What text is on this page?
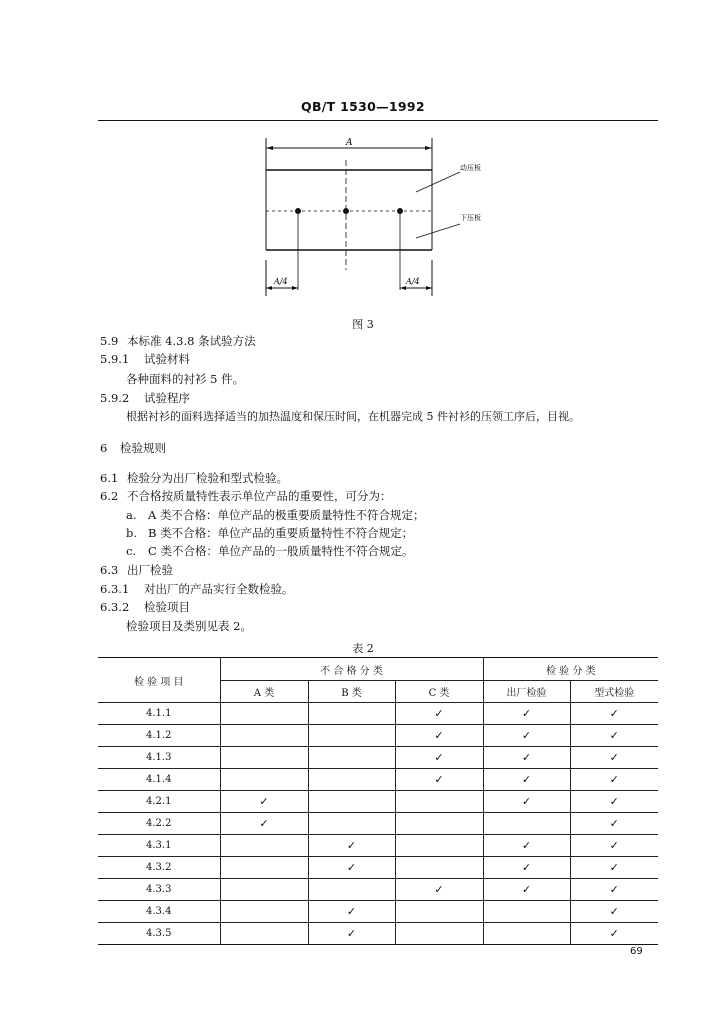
QB/T 1530—1992
A
动压板
下压板
A/4	A/4
图 3
5.9 本标准 4.3.8 条试验方法
5.9.1 试验材料
各种面料的衬衫 5 件。
5.9.2 试验程序
根据衬衫的面料选择适当的加热温度和保压时间，在机器完成 5 件衬衫的压领工序后，目视。
6 检验规则
6.1 检验分为出厂检验和型式检验。
6.2 不合格按质量特性表示单位产品的重要性，可分为：
a. A 类不合格：单位产品的极重要质量特性不符合规定；
b. B 类不合格：单位产品的重要质量特性不符合规定；
c. C 类不合格：单位产品的一般质量特性不符合规定。
6.3 出厂检验
6.3.1 对出厂的产品实行全数检验。
6.3.2 检验项目
检验项目及类别见表 2。
表 2
检 验 项 目	不 合 格 分 类			检 验 分 类	
	A 类	B 类	C 类	出厂检验	型式检验
4.1.1			✓	✓	✓
4.1.2			✓	✓	✓
4.1.3			✓	✓	✓
4.1.4			✓	✓	✓
4.2.1	✓			✓	✓
4.2.2	✓				✓
4.3.1		✓		✓	✓
4.3.2		✓		✓	✓
4.3.3			✓	✓	✓
4.3.4		✓			✓
4.3.5		✓			✓
69
